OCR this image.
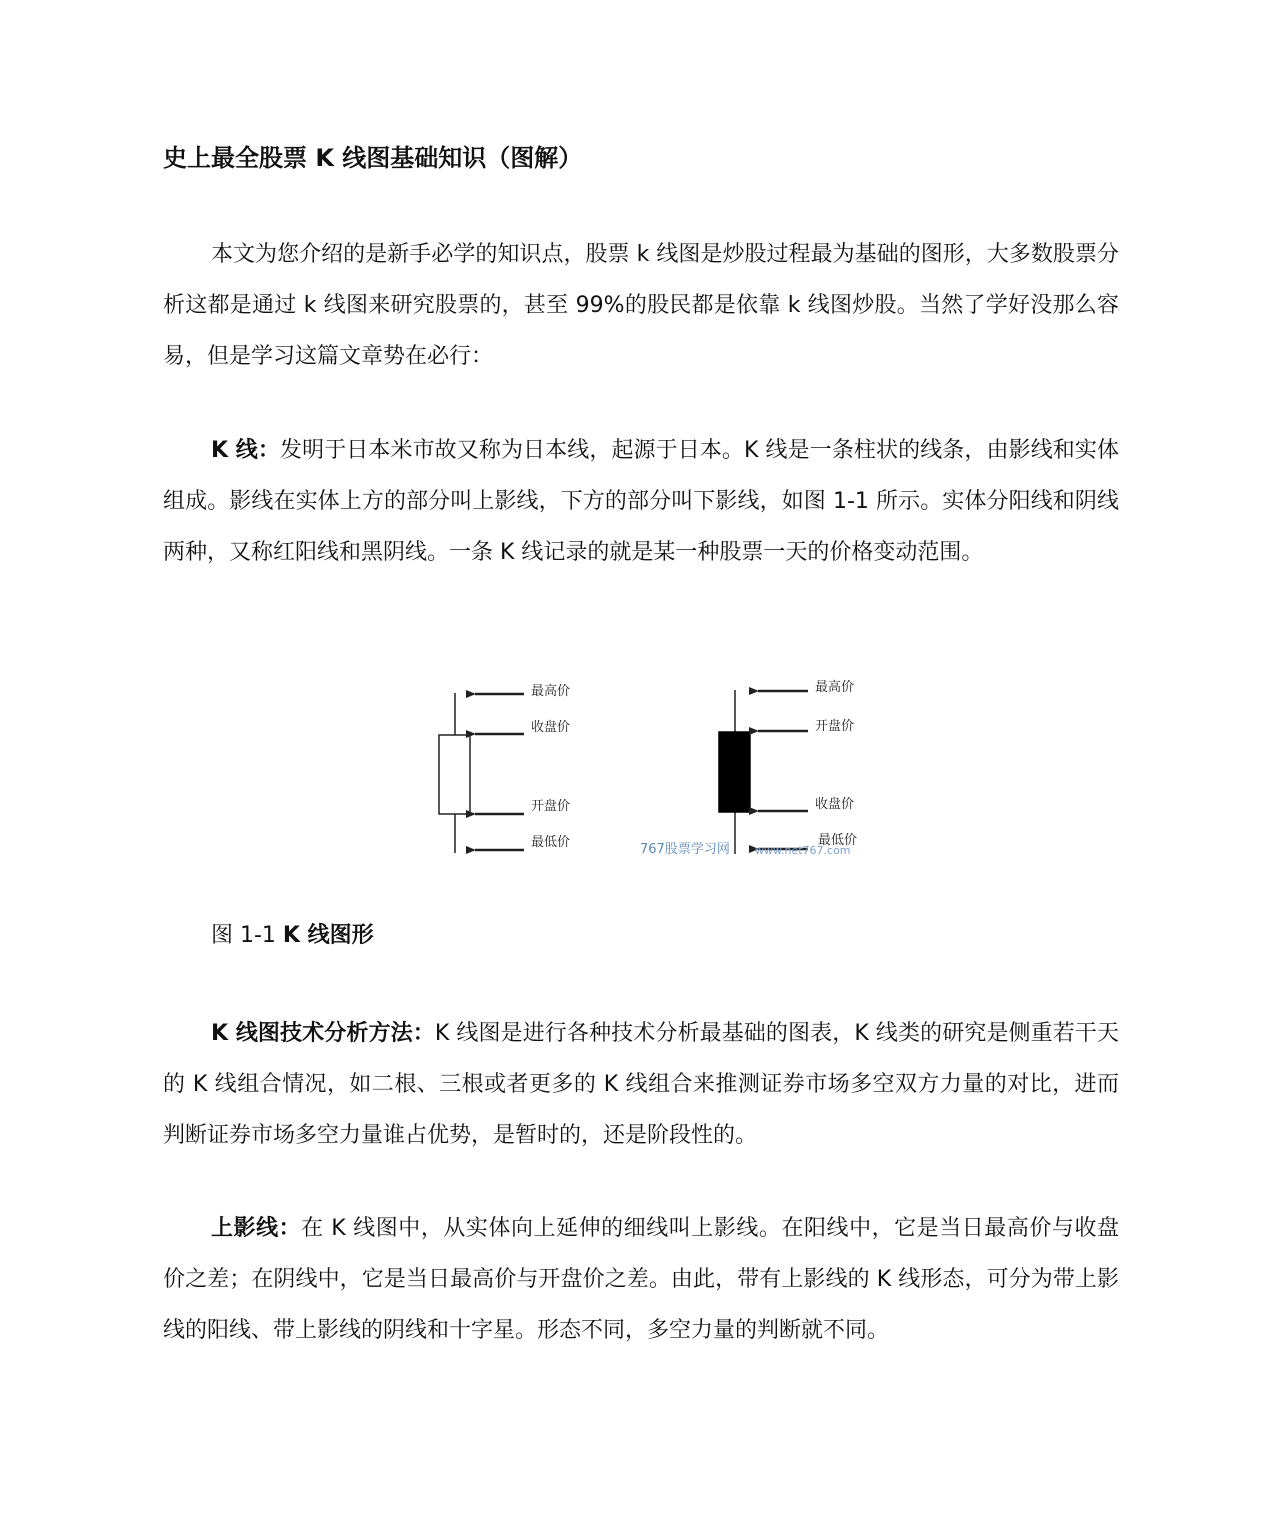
史上最全股票 K 线图基础知识（图解）

本文为您介绍的是新手必学的知识点，股票 k 线图是炒股过程最为基础的图形，大多数股票分析这都是通过 k 线图来研究股票的，甚至 99%的股民都是依靠 k 线图炒股。当然了学好没那么容易，但是学习这篇文章势在必行：

K 线：发明于日本米市故又称为日本线，起源于日本。K 线是一条柱状的线条，由影线和实体组成。影线在实体上方的部分叫上影线，下方的部分叫下影线，如图 1-1 所示。实体分阳线和阴线两种，又称红阳线和黑阴线。一条 K 线记录的就是某一种股票一天的价格变动范围。

最高价
收盘价
开盘价
最低价
最高价
开盘价
收盘价
最低价
767股票学习网 www.net767.com

图 1-1 K 线图形

K 线图技术分析方法：K 线图是进行各种技术分析最基础的图表，K 线类的研究是侧重若干天的 K 线组合情况，如二根、三根或者更多的 K 线组合来推测证券市场多空双方力量的对比，进而判断证券市场多空力量谁占优势，是暂时的，还是阶段性的。

上影线：在 K 线图中，从实体向上延伸的细线叫上影线。在阳线中，它是当日最高价与收盘价之差；在阴线中，它是当日最高价与开盘价之差。由此，带有上影线的 K 线形态，可分为带上影线的阳线、带上影线的阴线和十字星。形态不同，多空力量的判断就不同。
